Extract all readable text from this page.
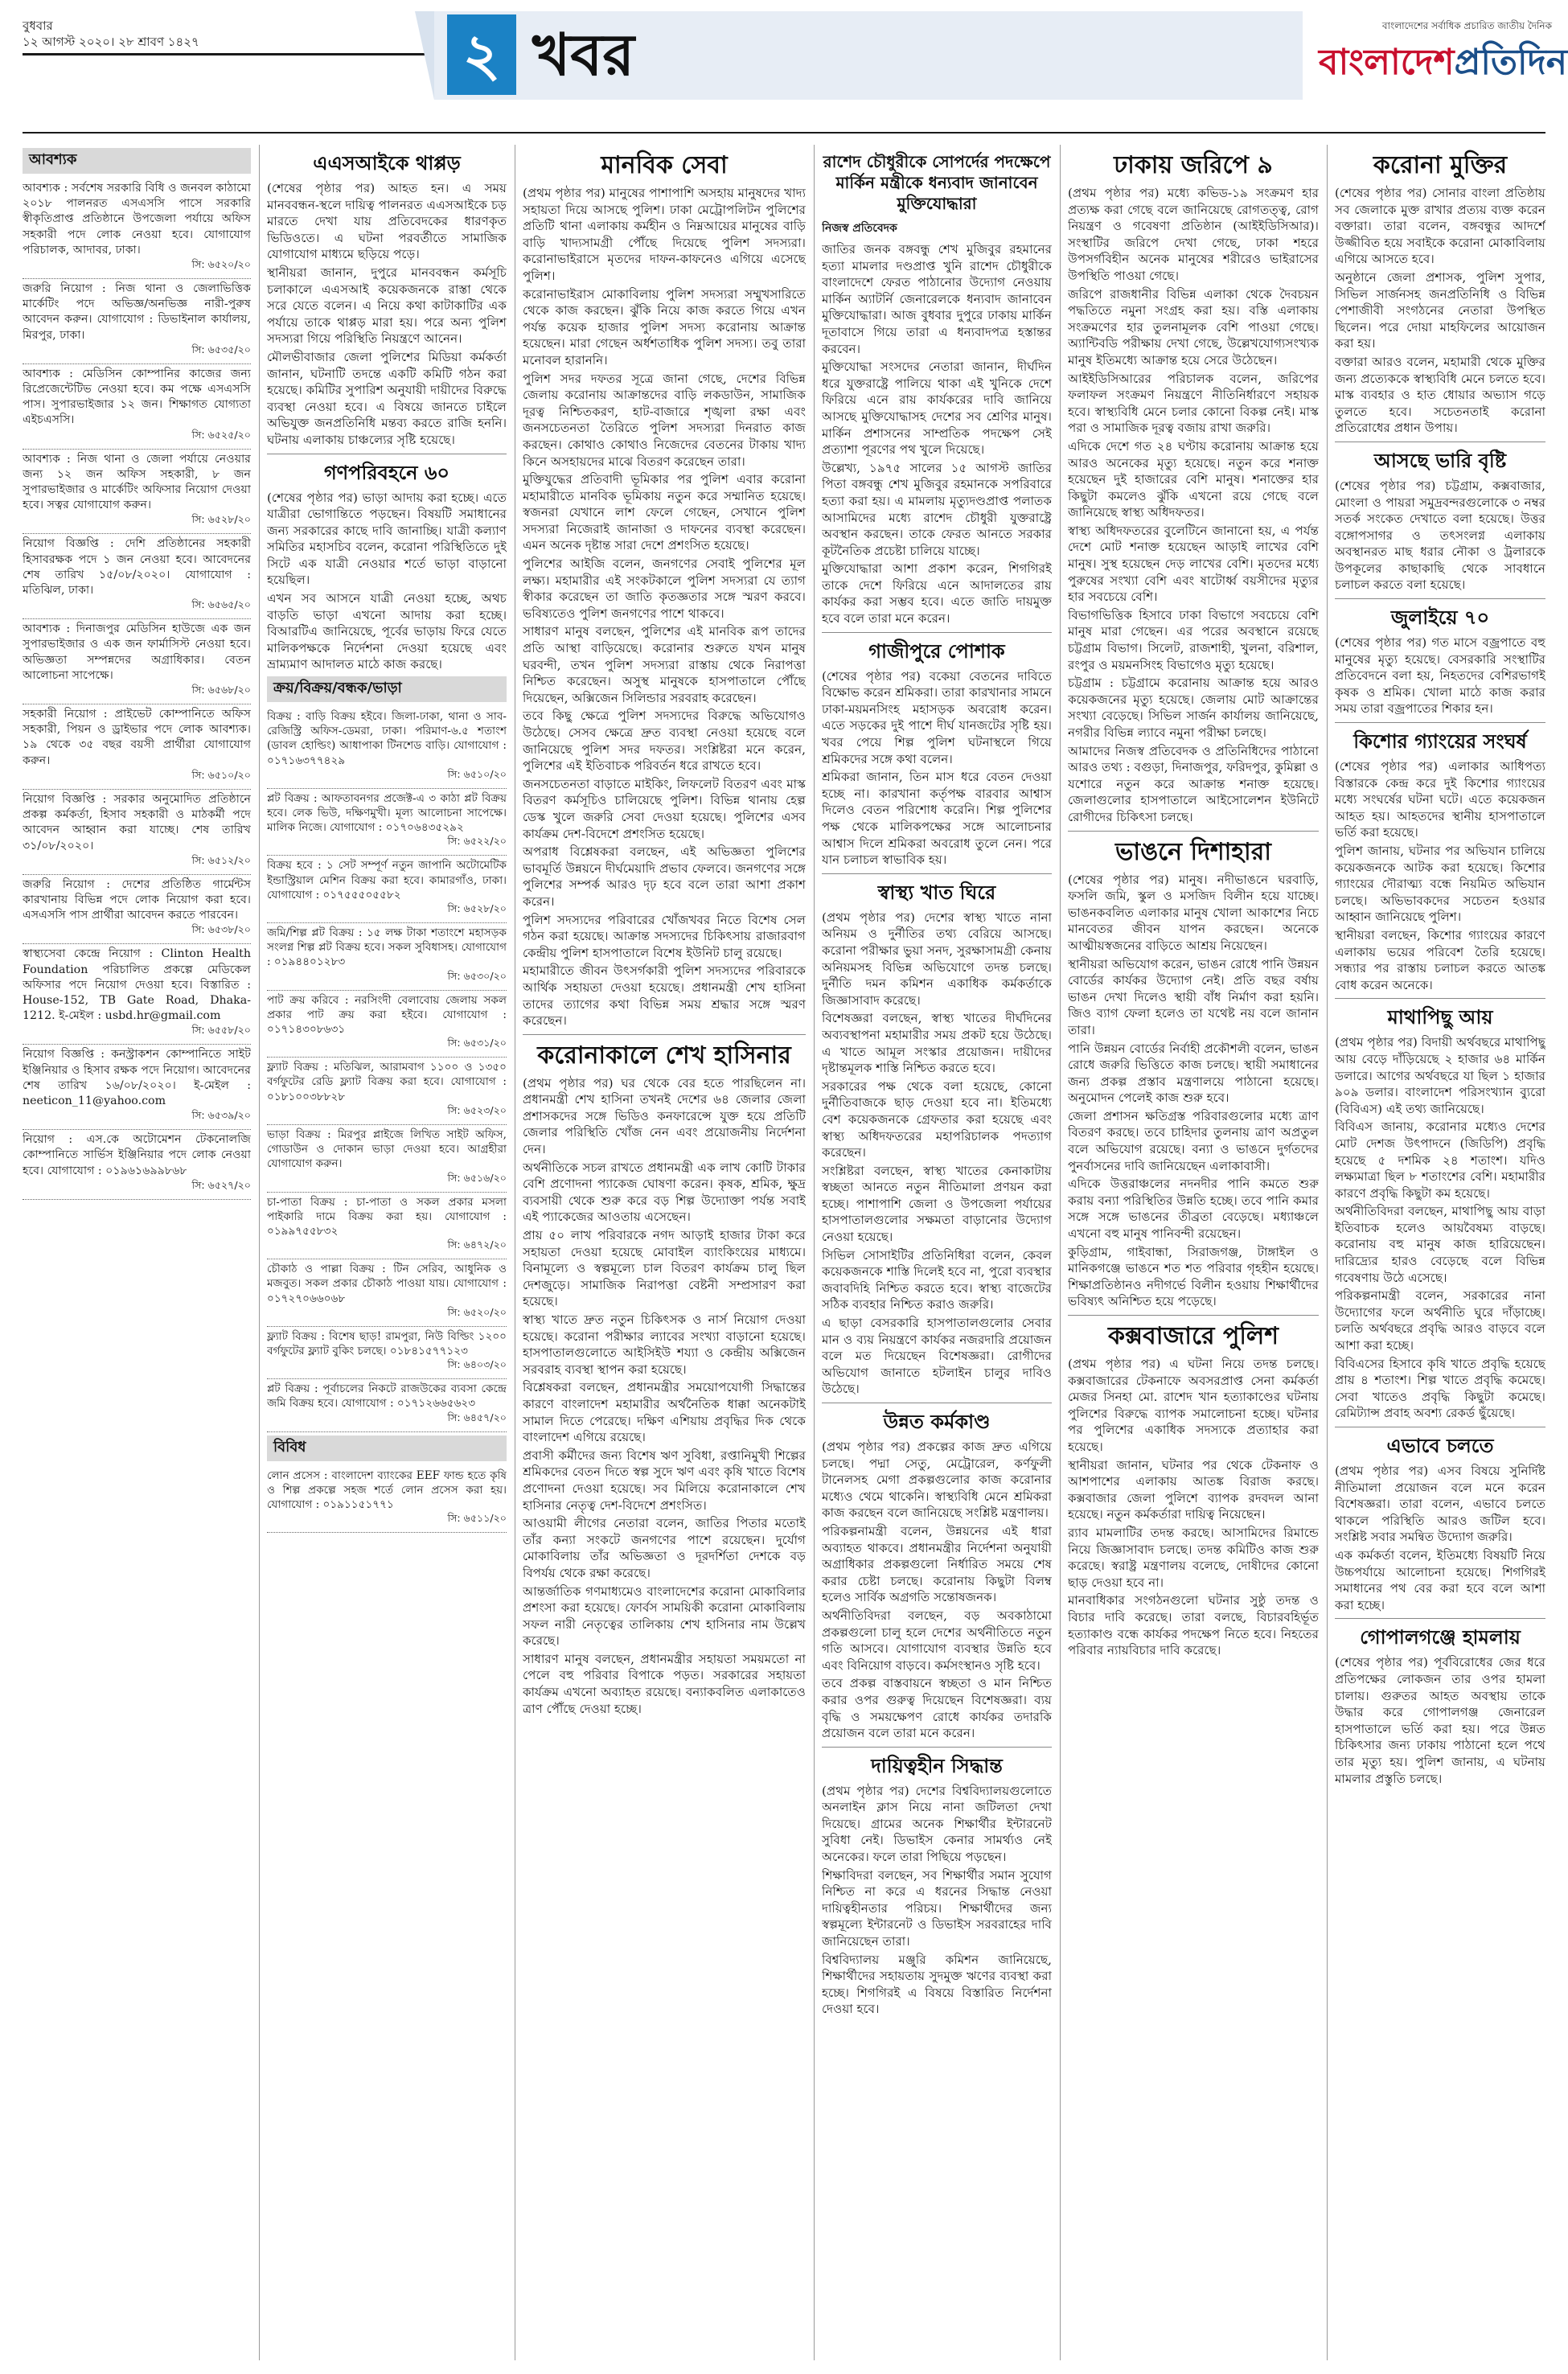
বুধবার
১২ আগস্ট ২০২০। ২৮ শ্রাবণ ১৪২৭	২ খবর	বাংলাদেশের সর্বাধিক প্রচারিত জাতীয় দৈনিক
বাংলাদেশপ্রতিদিন
আবশ্যক
আবশ্যক : সর্বশেষ সরকারি বিধি ও জনবল কাঠামো ২০১৮ পালনরত এসএসসি পাসে সরকারি স্বীকৃতিপ্রাপ্ত প্রতিষ্ঠানে উপজেলা পর্যায়ে অফিস সহকারী পদে লোক নেওয়া হবে। যোগাযোগ পরিচালক, আদাবর, ঢাকা।
সি: ৬৫২০/২০
জরুরি নিয়োগ : নিজ থানা ও জেলাভিত্তিক মার্কেটিং পদে অভিজ্ঞ/অনভিজ্ঞ নারী-পুরুষ আবেদন করুন। যোগাযোগ : ডিভাইনাল কার্যালয়, মিরপুর, ঢাকা।
সি: ৬৫৩৫/২০
আবশ্যক : মেডিসিন কোম্পানির কাজের জন্য রিপ্রেজেন্টেটিভ নেওয়া হবে। কম পক্ষে এসএসসি পাস। সুপারভাইজার ১২ জন। শিক্ষাগত যোগ্যতা এইচএসসি।
সি: ৬৫২৫/২০
আবশ্যক : নিজ থানা ও জেলা পর্যায়ে নেওয়ার জন্য ১২ জন অফিস সহকারী, ৮ জন সুপারভাইজার ও মার্কেটিং অফিসার নিয়োগ দেওয়া হবে। সত্বর যোগাযোগ করুন।
সি: ৬৫২৮/২০
নিয়োগ বিজ্ঞপ্তি : দেশি প্রতিষ্ঠানের সহকারী হিসাবরক্ষক পদে ১ জন নেওয়া হবে। আবেদনের শেষ তারিখ ১৫/০৮/২০২০। যোগাযোগ : মতিঝিল, ঢাকা।
সি: ৬৫৬৫/২০
আবশ্যক : দিনাজপুর মেডিসিন হাউজে এক জন সুপারভাইজার ও এক জন ফার্মাসিস্ট নেওয়া হবে। অভিজ্ঞতা সম্পন্নদের অগ্রাধিকার। বেতন আলোচনা সাপেক্ষে।
সি: ৬৫৬৮/২০
সহকারী নিয়োগ : প্রাইভেট কোম্পানিতে অফিস সহকারী, পিয়ন ও ড্রাইভার পদে লোক আবশ্যক। ১৯ থেকে ৩৫ বছর বয়সী প্রার্থীরা যোগাযোগ করুন।
সি: ৬৫১০/২০
নিয়োগ বিজ্ঞপ্তি : সরকার অনুমোদিত প্রতিষ্ঠানে প্রকল্প কর্মকর্তা, হিসাব সহকারী ও মাঠকর্মী পদে আবেদন আহ্বান করা যাচ্ছে। শেষ তারিখ ৩১/০৮/২০২০।
সি: ৬৫১২/২০
জরুরি নিয়োগ : দেশের প্রতিষ্ঠিত গার্মেন্টস কারখানায় বিভিন্ন পদে লোক নিয়োগ করা হবে। এসএসসি পাস প্রার্থীরা আবেদন করতে পারবেন।
সি: ৬৫৩৮/২০
স্বাস্থ্যসেবা কেন্দ্রে নিয়োগ : Clinton Health Foundation পরিচালিত প্রকল্পে মেডিকেল অফিসার পদে নিয়োগ দেওয়া হবে। বিস্তারিত : House-152, TB Gate Road, Dhaka-1212. ই-মেইল : usbd.hr@gmail.com
সি: ৬৫৫৮/২০
নিয়োগ বিজ্ঞপ্তি : কনস্ট্রাকশন কোম্পানিতে সাইট ইঞ্জিনিয়ার ও হিসাব রক্ষক পদে নিয়োগ। আবেদনের শেষ তারিখ ১৬/০৮/২০২০। ই-মেইল : neeticon_11@yahoo.com
সি: ৬৫৩৯/২০
নিয়োগ : এস.কে অটোমেশন টেকনোলজি কোম্পানিতে সার্ভিস ইঞ্জিনিয়ার পদে লোক নেওয়া হবে। যোগাযোগ : ০১৯৬১৬৯৯৮৬৮
সি: ৬৫২৭/২০
এএসআইকে থাপ্পড়

(শেষের পৃষ্ঠার পর) আহত হন। এ সময় মানববন্ধন-স্থলে দায়িত্ব পালনরত এএসআইকে চড় মারতে দেখা যায় প্রতিবেদকের ধারণকৃত ভিডিওতে। এ ঘটনা পরবর্তীতে সামাজিক যোগাযোগ মাধ্যমে ছড়িয়ে পড়ে।

স্থানীয়রা জানান, দুপুরে মানববন্ধন কর্মসূচি চলাকালে এএসআই কয়েকজনকে রাস্তা থেকে সরে যেতে বলেন। এ নিয়ে কথা কাটাকাটির এক পর্যায়ে তাকে থাপ্পড় মারা হয়। পরে অন্য পুলিশ সদস্যরা গিয়ে পরিস্থিতি নিয়ন্ত্রণে আনেন।

মৌলভীবাজার জেলা পুলিশের মিডিয়া কর্মকর্তা জানান, ঘটনাটি তদন্তে একটি কমিটি গঠন করা হয়েছে। কমিটির সুপারিশ অনুযায়ী দায়ীদের বিরুদ্ধে ব্যবস্থা নেওয়া হবে। এ বিষয়ে জানতে চাইলে অভিযুক্ত জনপ্রতিনিধি মন্তব্য করতে রাজি হননি। ঘটনায় এলাকায় চাঞ্চল্যের সৃষ্টি হয়েছে।

গণপরিবহনে ৬০

(শেষের পৃষ্ঠার পর) ভাড়া আদায় করা হচ্ছে। এতে যাত্রীরা ভোগান্তিতে পড়ছেন। বিষয়টি সমাধানের জন্য সরকারের কাছে দাবি জানাচ্ছি। যাত্রী কল্যাণ সমিতির মহাসচিব বলেন, করোনা পরিস্থিতিতে দুই সিটে এক যাত্রী নেওয়ার শর্তে ভাড়া বাড়ানো হয়েছিল।

এখন সব আসনে যাত্রী নেওয়া হচ্ছে, অথচ বাড়তি ভাড়া এখনো আদায় করা হচ্ছে। বিআরটিএ জানিয়েছে, পূর্বের ভাড়ায় ফিরে যেতে মালিকপক্ষকে নির্দেশনা দেওয়া হয়েছে এবং ভ্রাম্যমাণ আদালত মাঠে কাজ করছে।

ক্রয়/বিক্রয়/বন্ধক/ভাড়া
বিক্রয় : বাড়ি বিক্রয় হইবে। জিলা-ঢাকা, থানা ও সাব-রেজিস্ট্রি অফিস-ডেমরা, ঢাকা। পরিমাণ-৬.৫ শতাংশ (ডাবল হোল্ডিং) আধাপাকা টিনশেড বাড়ি। যোগাযোগ : ০১৭১৬৩৭৭৪২৯
সি: ৬৫১০/২০
প্লট বিক্রয় : আফতাবনগর প্রজেক্ট-এ ৩ কাঠা প্লট বিক্রয় হবে। লেক ভিউ, দক্ষিণমুখী। মূল্য আলোচনা সাপেক্ষে। মালিক নিজে। যোগাযোগ : ০১৭০৬৪৩৫২৯২
সি: ৬৫২২/২০
বিক্রয় হবে : ১ সেট সম্পূর্ণ নতুন জাপানি অটোমেটিক ইন্ডাস্ট্রিয়াল মেশিন বিক্রয় করা হবে। কামারগাঁও, ঢাকা। যোগাযোগ : ০১৭৫৫৫০৫৫৮২
সি: ৬৫২৮/২০
জমি/শিল্প প্লট বিক্রয় : ১৫ লক্ষ টাকা শতাংশে মহাসড়ক সংলগ্ন শিল্প প্লট বিক্রয় হবে। সকল সুবিধাসহ। যোগাযোগ : ০১৯৪৪০১২৮৩
সি: ৬৫৩০/২০
পাট ক্রয় করিবে : নরসিংদী বেলাবোয় জেলায় সকল প্রকার পাট ক্রয় করা হইবে। যোগাযোগ : ০১৭১৪৩০৮৬৩১
সি: ৬৫৩১/২০
ফ্ল্যাট বিক্রয় : মতিঝিল, আরামবাগ ১১০০ ও ১৩৫০ বর্গফুটের রেডি ফ্ল্যাট বিক্রয় করা হবে। যোগাযোগ : ০১৮১০০৩৮৮২৮
সি: ৬৫২৩/২০
ভাড়া বিক্রয় : মিরপুর প্লাইজে লিখিত সাইট অফিস, গোডাউন ও দোকান ভাড়া দেওয়া হবে। আগ্রহীরা যোগাযোগ করুন।
সি: ৬৫১৬/২০
চা-পাতা বিক্রয় : চা-পাতা ও সকল প্রকার মসলা পাইকারি দামে বিক্রয় করা হয়। যোগাযোগ : ০১৯৯৭৫৫৮৩২
সি: ৬৪৭২/২০
চৌকাঠ ও পাল্লা বিক্রয় : টিন সেরিব, আধুনিক ও মজবুত। সকল প্রকার চৌকাঠ পাওয়া যায়। যোগাযোগ : ০১৭২৭০৬৬০৬৮
সি: ৬৫২০/২০
ফ্ল্যাট বিক্রয় : বিশেষ ছাড়! রামপুরা, নিউ বিল্ডিং ১২০০ বর্গফুটের ফ্ল্যাট বুকিং চলছে। ০১৮৪১৫৭৭১২৩
সি: ৬৪০৩/২০
প্লট বিক্রয় : পূর্বাচলের নিকটে রাজউকের ব্যবসা কেন্দ্রে জমি বিক্রয় হবে। যোগাযোগ : ০১৭১২৬৬৫৬২৩
সি: ৬৪৫৭/২০
বিবিধ
লোন প্রসেস : বাংলাদেশ ব্যাংকের EEF ফান্ড হতে কৃষি ও শিল্প প্রকল্পে সহজ শর্তে লোন প্রসেস করা হয়। যোগাযোগ : ০১৯১১৫১৭৭১
সি: ৬৫১১/২০
মানবিক সেবা

(প্রথম পৃষ্ঠার পর) মানুষের পাশাপাশি অসহায় মানুষদের খাদ্য সহায়তা দিয়ে আসছে পুলিশ। ঢাকা মেট্রোপলিটন পুলিশের প্রতিটি থানা এলাকায় কর্মহীন ও নিম্নআয়ের মানুষের বাড়ি বাড়ি খাদ্যসামগ্রী পৌঁছে দিয়েছে পুলিশ সদস্যরা। করোনাভাইরাসে মৃতদের দাফন-কাফনেও এগিয়ে এসেছে পুলিশ।

করোনাভাইরাস মোকাবিলায় পুলিশ সদস্যরা সম্মুখসারিতে থেকে কাজ করছেন। ঝুঁকি নিয়ে কাজ করতে গিয়ে এখন পর্যন্ত কয়েক হাজার পুলিশ সদস্য করোনায় আক্রান্ত হয়েছেন। মারা গেছেন অর্ধশতাধিক পুলিশ সদস্য। তবু তারা মনোবল হারাননি।

পুলিশ সদর দফতর সূত্রে জানা গেছে, দেশের বিভিন্ন জেলায় করোনায় আক্রান্তদের বাড়ি লকডাউন, সামাজিক দূরত্ব নিশ্চিতকরণ, হাট-বাজারে শৃঙ্খলা রক্ষা এবং জনসচেতনতা তৈরিতে পুলিশ সদস্যরা দিনরাত কাজ করছেন। কোথাও কোথাও নিজেদের বেতনের টাকায় খাদ্য কিনে অসহায়দের মাঝে বিতরণ করেছেন তারা।

মুক্তিযুদ্ধের প্রতিবাদী ভূমিকার পর পুলিশ এবার করোনা মহামারীতে মানবিক ভূমিকায় নতুন করে সম্মানিত হয়েছে। স্বজনরা যেখানে লাশ ফেলে গেছেন, সেখানে পুলিশ সদস্যরা নিজেরাই জানাজা ও দাফনের ব্যবস্থা করেছেন। এমন অনেক দৃষ্টান্ত সারা দেশে প্রশংসিত হয়েছে।

পুলিশের আইজি বলেন, জনগণের সেবাই পুলিশের মূল লক্ষ্য। মহামারীর এই সংকটকালে পুলিশ সদস্যরা যে ত্যাগ স্বীকার করেছেন তা জাতি কৃতজ্ঞতার সঙ্গে স্মরণ করবে। ভবিষ্যতেও পুলিশ জনগণের পাশে থাকবে।

সাধারণ মানুষ বলছেন, পুলিশের এই মানবিক রূপ তাদের প্রতি আস্থা বাড়িয়েছে। করোনার শুরুতে যখন মানুষ ঘরবন্দী, তখন পুলিশ সদস্যরা রাস্তায় থেকে নিরাপত্তা নিশ্চিত করেছেন। অসুস্থ মানুষকে হাসপাতালে পৌঁছে দিয়েছেন, অক্সিজেন সিলিন্ডার সরবরাহ করেছেন।

তবে কিছু ক্ষেত্রে পুলিশ সদস্যদের বিরুদ্ধে অভিযোগও উঠেছে। সেসব ক্ষেত্রে দ্রুত ব্যবস্থা নেওয়া হয়েছে বলে জানিয়েছে পুলিশ সদর দফতর। সংশ্লিষ্টরা মনে করেন, পুলিশের এই ইতিবাচক পরিবর্তন ধরে রাখতে হবে।

জনসচেতনতা বাড়াতে মাইকিং, লিফলেট বিতরণ এবং মাস্ক বিতরণ কর্মসূচিও চালিয়েছে পুলিশ। বিভিন্ন থানায় হেল্প ডেস্ক খুলে জরুরি সেবা দেওয়া হয়েছে। পুলিশের এসব কার্যক্রম দেশ-বিদেশে প্রশংসিত হয়েছে।

অপরাধ বিশ্লেষকরা বলছেন, এই অভিজ্ঞতা পুলিশের ভাবমূর্তি উন্নয়নে দীর্ঘমেয়াদি প্রভাব ফেলবে। জনগণের সঙ্গে পুলিশের সম্পর্ক আরও দৃঢ় হবে বলে তারা আশা প্রকাশ করেন।

পুলিশ সদস্যদের পরিবারের খোঁজখবর নিতে বিশেষ সেল গঠন করা হয়েছে। আক্রান্ত সদস্যদের চিকিৎসায় রাজারবাগ কেন্দ্রীয় পুলিশ হাসপাতালে বিশেষ ইউনিট চালু রয়েছে।

মহামারীতে জীবন উৎসর্গকারী পুলিশ সদস্যদের পরিবারকে আর্থিক সহায়তা দেওয়া হয়েছে। প্রধানমন্ত্রী শেখ হাসিনা তাদের ত্যাগের কথা বিভিন্ন সময় শ্রদ্ধার সঙ্গে স্মরণ করেছেন।

করোনাকালে শেখ হাসিনার

(প্রথম পৃষ্ঠার পর) ঘর থেকে বের হতে পারছিলেন না। প্রধানমন্ত্রী শেখ হাসিনা তখনই দেশের ৬৪ জেলার জেলা প্রশাসকদের সঙ্গে ভিডিও কনফারেন্সে যুক্ত হয়ে প্রতিটি জেলার পরিস্থিতি খোঁজ নেন এবং প্রয়োজনীয় নির্দেশনা দেন।

অর্থনীতিকে সচল রাখতে প্রধানমন্ত্রী এক লাখ কোটি টাকার বেশি প্রণোদনা প্যাকেজ ঘোষণা করেন। কৃষক, শ্রমিক, ক্ষুদ্র ব্যবসায়ী থেকে শুরু করে বড় শিল্প উদ্যোক্তা পর্যন্ত সবাই এই প্যাকেজের আওতায় এসেছেন।

প্রায় ৫০ লাখ পরিবারকে নগদ আড়াই হাজার টাকা করে সহায়তা দেওয়া হয়েছে মোবাইল ব্যাংকিংয়ের মাধ্যমে। বিনামূল্যে ও স্বল্পমূল্যে চাল বিতরণ কার্যক্রম চালু ছিল দেশজুড়ে। সামাজিক নিরাপত্তা বেষ্টনী সম্প্রসারণ করা হয়েছে।

স্বাস্থ্য খাতে দ্রুত নতুন চিকিৎসক ও নার্স নিয়োগ দেওয়া হয়েছে। করোনা পরীক্ষার ল্যাবের সংখ্যা বাড়ানো হয়েছে। হাসপাতালগুলোতে আইসিইউ শয্যা ও কেন্দ্রীয় অক্সিজেন সরবরাহ ব্যবস্থা স্থাপন করা হয়েছে।

বিশ্লেষকরা বলছেন, প্রধানমন্ত্রীর সময়োপযোগী সিদ্ধান্তের কারণে বাংলাদেশ মহামারীর অর্থনৈতিক ধাক্কা অনেকটাই সামাল দিতে পেরেছে। দক্ষিণ এশিয়ায় প্রবৃদ্ধির দিক থেকে বাংলাদেশ এগিয়ে রয়েছে।

প্রবাসী কর্মীদের জন্য বিশেষ ঋণ সুবিধা, রপ্তানিমুখী শিল্পের শ্রমিকদের বেতন দিতে স্বল্প সুদে ঋণ এবং কৃষি খাতে বিশেষ প্রণোদনা দেওয়া হয়েছে। সব মিলিয়ে করোনাকালে শেখ হাসিনার নেতৃত্ব দেশ-বিদেশে প্রশংসিত।

আওয়ামী লীগের নেতারা বলেন, জাতির পিতার মতোই তাঁর কন্যা সংকটে জনগণের পাশে রয়েছেন। দুর্যোগ মোকাবিলায় তাঁর অভিজ্ঞতা ও দূরদর্শিতা দেশকে বড় বিপর্যয় থেকে রক্ষা করেছে।

আন্তর্জাতিক গণমাধ্যমেও বাংলাদেশের করোনা মোকাবিলার প্রশংসা করা হয়েছে। ফোর্বস সাময়িকী করোনা মোকাবিলায় সফল নারী নেতৃত্বের তালিকায় শেখ হাসিনার নাম উল্লেখ করেছে।

সাধারণ মানুষ বলছেন, প্রধানমন্ত্রীর সহায়তা সময়মতো না পেলে বহু পরিবার বিপাকে পড়ত। সরকারের সহায়তা কার্যক্রম এখনো অব্যাহত রয়েছে। বন্যাকবলিত এলাকাতেও ত্রাণ পৌঁছে দেওয়া হচ্ছে।

রাশেদ চৌধুরীকে সোপর্দের পদক্ষেপে মার্কিন মন্ত্রীকে ধন্যবাদ জানাবেন মুক্তিযোদ্ধারা
নিজস্ব প্রতিবেদক

জাতির জনক বঙ্গবন্ধু শেখ মুজিবুর রহমানের হত্যা মামলার দণ্ডপ্রাপ্ত খুনি রাশেদ চৌধুরীকে বাংলাদেশে ফেরত পাঠানোর উদ্যোগ নেওয়ায় মার্কিন অ্যাটর্নি জেনারেলকে ধন্যবাদ জানাবেন মুক্তিযোদ্ধারা। আজ বুধবার দুপুরে ঢাকায় মার্কিন দূতাবাসে গিয়ে তারা এ ধন্যবাদপত্র হস্তান্তর করবেন।

মুক্তিযোদ্ধা সংসদের নেতারা জানান, দীর্ঘদিন ধরে যুক্তরাষ্ট্রে পালিয়ে থাকা এই খুনিকে দেশে ফিরিয়ে এনে রায় কার্যকরের দাবি জানিয়ে আসছে মুক্তিযোদ্ধাসহ দেশের সব শ্রেণির মানুষ। মার্কিন প্রশাসনের সাম্প্রতিক পদক্ষেপ সেই প্রত্যাশা পূরণের পথ খুলে দিয়েছে।

উল্লেখ্য, ১৯৭৫ সালের ১৫ আগস্ট জাতির পিতা বঙ্গবন্ধু শেখ মুজিবুর রহমানকে সপরিবারে হত্যা করা হয়। এ মামলায় মৃত্যুদণ্ডপ্রাপ্ত পলাতক আসামিদের মধ্যে রাশেদ চৌধুরী যুক্তরাষ্ট্রে অবস্থান করছেন। তাকে ফেরত আনতে সরকার কূটনৈতিক প্রচেষ্টা চালিয়ে যাচ্ছে।

মুক্তিযোদ্ধারা আশা প্রকাশ করেন, শিগগিরই তাকে দেশে ফিরিয়ে এনে আদালতের রায় কার্যকর করা সম্ভব হবে। এতে জাতি দায়মুক্ত হবে বলে তারা মনে করেন।

গাজীপুরে পোশাক

(শেষের পৃষ্ঠার পর) বকেয়া বেতনের দাবিতে বিক্ষোভ করেন শ্রমিকরা। তারা কারখানার সামনে ঢাকা-ময়মনসিংহ মহাসড়ক অবরোধ করেন। এতে সড়কের দুই পাশে দীর্ঘ যানজটের সৃষ্টি হয়। খবর পেয়ে শিল্প পুলিশ ঘটনাস্থলে গিয়ে শ্রমিকদের সঙ্গে কথা বলেন।

শ্রমিকরা জানান, তিন মাস ধরে বেতন দেওয়া হচ্ছে না। কারখানা কর্তৃপক্ষ বারবার আশ্বাস দিলেও বেতন পরিশোধ করেনি। শিল্প পুলিশের পক্ষ থেকে মালিকপক্ষের সঙ্গে আলোচনার আশ্বাস দিলে শ্রমিকরা অবরোধ তুলে নেন। পরে যান চলাচল স্বাভাবিক হয়।

স্বাস্থ্য খাত ঘিরে

(প্রথম পৃষ্ঠার পর) দেশের স্বাস্থ্য খাতে নানা অনিয়ম ও দুর্নীতির তথ্য বেরিয়ে আসছে। করোনা পরীক্ষার ভুয়া সনদ, সুরক্ষাসামগ্রী কেনায় অনিয়মসহ বিভিন্ন অভিযোগে তদন্ত চলছে। দুর্নীতি দমন কমিশন একাধিক কর্মকর্তাকে জিজ্ঞাসাবাদ করেছে।

বিশেষজ্ঞরা বলছেন, স্বাস্থ্য খাতের দীর্ঘদিনের অব্যবস্থাপনা মহামারীর সময় প্রকট হয়ে উঠেছে। এ খাতে আমূল সংস্কার প্রয়োজন। দায়ীদের দৃষ্টান্তমূলক শাস্তি নিশ্চিত করতে হবে।

সরকারের পক্ষ থেকে বলা হয়েছে, কোনো দুর্নীতিবাজকে ছাড় দেওয়া হবে না। ইতিমধ্যে বেশ কয়েকজনকে গ্রেফতার করা হয়েছে এবং স্বাস্থ্য অধিদফতরের মহাপরিচালক পদত্যাগ করেছেন।

সংশ্লিষ্টরা বলছেন, স্বাস্থ্য খাতের কেনাকাটায় স্বচ্ছতা আনতে নতুন নীতিমালা প্রণয়ন করা হচ্ছে। পাশাপাশি জেলা ও উপজেলা পর্যায়ের হাসপাতালগুলোর সক্ষমতা বাড়ানোর উদ্যোগ নেওয়া হয়েছে।

সিভিল সোসাইটির প্রতিনিধিরা বলেন, কেবল কয়েকজনকে শাস্তি দিলেই হবে না, পুরো ব্যবস্থার জবাবদিহি নিশ্চিত করতে হবে। স্বাস্থ্য বাজেটের সঠিক ব্যবহার নিশ্চিত করাও জরুরি।

এ ছাড়া বেসরকারি হাসপাতালগুলোর সেবার মান ও ব্যয় নিয়ন্ত্রণে কার্যকর নজরদারি প্রয়োজন বলে মত দিয়েছেন বিশেষজ্ঞরা। রোগীদের অভিযোগ জানাতে হটলাইন চালুর দাবিও উঠেছে।

উন্নত কর্মকাণ্ড

(প্রথম পৃষ্ঠার পর) প্রকল্পের কাজ দ্রুত এগিয়ে চলছে। পদ্মা সেতু, মেট্রোরেল, কর্ণফুলী টানেলসহ মেগা প্রকল্পগুলোর কাজ করোনার মধ্যেও থেমে থাকেনি। স্বাস্থ্যবিধি মেনে শ্রমিকরা কাজ করছেন বলে জানিয়েছে সংশ্লিষ্ট মন্ত্রণালয়।

পরিকল্পনামন্ত্রী বলেন, উন্নয়নের এই ধারা অব্যাহত থাকবে। প্রধানমন্ত্রীর নির্দেশনা অনুযায়ী অগ্রাধিকার প্রকল্পগুলো নির্ধারিত সময়ে শেষ করার চেষ্টা চলছে। করোনায় কিছুটা বিলম্ব হলেও সার্বিক অগ্রগতি সন্তোষজনক।

অর্থনীতিবিদরা বলছেন, বড় অবকাঠামো প্রকল্পগুলো চালু হলে দেশের অর্থনীতিতে নতুন গতি আসবে। যোগাযোগ ব্যবস্থার উন্নতি হবে এবং বিনিয়োগ বাড়বে। কর্মসংস্থানও সৃষ্টি হবে।

তবে প্রকল্প বাস্তবায়নে স্বচ্ছতা ও মান নিশ্চিত করার ওপর গুরুত্ব দিয়েছেন বিশেষজ্ঞরা। ব্যয় বৃদ্ধি ও সময়ক্ষেপণ রোধে কার্যকর তদারকি প্রয়োজন বলে তারা মনে করেন।

দায়িত্বহীন সিদ্ধান্ত

(প্রথম পৃষ্ঠার পর) দেশের বিশ্ববিদ্যালয়গুলোতে অনলাইন ক্লাস নিয়ে নানা জটিলতা দেখা দিয়েছে। গ্রামের অনেক শিক্ষার্থীর ইন্টারনেট সুবিধা নেই। ডিভাইস কেনার সামর্থ্যও নেই অনেকের। ফলে তারা পিছিয়ে পড়ছেন।

শিক্ষাবিদরা বলছেন, সব শিক্ষার্থীর সমান সুযোগ নিশ্চিত না করে এ ধরনের সিদ্ধান্ত নেওয়া দায়িত্বহীনতার পরিচয়। শিক্ষার্থীদের জন্য স্বল্পমূল্যে ইন্টারনেট ও ডিভাইস সরবরাহের দাবি জানিয়েছেন তারা।

বিশ্ববিদ্যালয় মঞ্জুরি কমিশন জানিয়েছে, শিক্ষার্থীদের সহায়তায় সুদমুক্ত ঋণের ব্যবস্থা করা হচ্ছে। শিগগিরই এ বিষয়ে বিস্তারিত নির্দেশনা দেওয়া হবে।

ঢাকায় জরিপে ৯

(প্রথম পৃষ্ঠার পর) মধ্যে কভিড-১৯ সংক্রমণ হার প্রত্যক্ষ করা গেছে বলে জানিয়েছে রোগতত্ত্ব, রোগ নিয়ন্ত্রণ ও গবেষণা প্রতিষ্ঠান (আইইডিসিআর)। সংস্থাটির জরিপে দেখা গেছে, ঢাকা শহরে উপসর্গবিহীন অনেক মানুষের শরীরেও ভাইরাসের উপস্থিতি পাওয়া গেছে।

জরিপে রাজধানীর বিভিন্ন এলাকা থেকে দৈবচয়ন পদ্ধতিতে নমুনা সংগ্রহ করা হয়। বস্তি এলাকায় সংক্রমণের হার তুলনামূলক বেশি পাওয়া গেছে। অ্যান্টিবডি পরীক্ষায় দেখা গেছে, উল্লেখযোগ্যসংখ্যক মানুষ ইতিমধ্যে আক্রান্ত হয়ে সেরে উঠেছেন।

আইইডিসিআরের পরিচালক বলেন, জরিপের ফলাফল সংক্রমণ নিয়ন্ত্রণে নীতিনির্ধারণে সহায়ক হবে। স্বাস্থ্যবিধি মেনে চলার কোনো বিকল্প নেই। মাস্ক পরা ও সামাজিক দূরত্ব বজায় রাখা জরুরি।

এদিকে দেশে গত ২৪ ঘণ্টায় করোনায় আক্রান্ত হয়ে আরও অনেকের মৃত্যু হয়েছে। নতুন করে শনাক্ত হয়েছেন দুই হাজারের বেশি মানুষ। শনাক্তের হার কিছুটা কমলেও ঝুঁকি এখনো রয়ে গেছে বলে জানিয়েছে স্বাস্থ্য অধিদফতর।

স্বাস্থ্য অধিদফতরের বুলেটিনে জানানো হয়, এ পর্যন্ত দেশে মোট শনাক্ত হয়েছেন আড়াই লাখের বেশি মানুষ। সুস্থ হয়েছেন দেড় লাখের বেশি। মৃতদের মধ্যে পুরুষের সংখ্যা বেশি এবং ষাটোর্ধ্ব বয়সীদের মৃত্যুর হার সবচেয়ে বেশি।

বিভাগভিত্তিক হিসাবে ঢাকা বিভাগে সবচেয়ে বেশি মানুষ মারা গেছেন। এর পরের অবস্থানে রয়েছে চট্টগ্রাম বিভাগ। সিলেট, রাজশাহী, খুলনা, বরিশাল, রংপুর ও ময়মনসিংহ বিভাগেও মৃত্যু হয়েছে।

চট্টগ্রাম : চট্টগ্রামে করোনায় আক্রান্ত হয়ে আরও কয়েকজনের মৃত্যু হয়েছে। জেলায় মোট আক্রান্তের সংখ্যা বেড়েছে। সিভিল সার্জন কার্যালয় জানিয়েছে, নগরীর বিভিন্ন ল্যাবে নমুনা পরীক্ষা চলছে।

আমাদের নিজস্ব প্রতিবেদক ও প্রতিনিধিদের পাঠানো আরও তথ্য : বগুড়া, দিনাজপুর, ফরিদপুর, কুমিল্লা ও যশোরে নতুন করে আক্রান্ত শনাক্ত হয়েছে। জেলাগুলোর হাসপাতালে আইসোলেশন ইউনিটে রোগীদের চিকিৎসা চলছে।

ভাঙনে দিশাহারা

(শেষের পৃষ্ঠার পর) মানুষ। নদীভাঙনে ঘরবাড়ি, ফসলি জমি, স্কুল ও মসজিদ বিলীন হয়ে যাচ্ছে। ভাঙনকবলিত এলাকার মানুষ খোলা আকাশের নিচে মানবেতর জীবন যাপন করছেন। অনেকে আত্মীয়স্বজনের বাড়িতে আশ্রয় নিয়েছেন।

স্থানীয়রা অভিযোগ করেন, ভাঙন রোধে পানি উন্নয়ন বোর্ডের কার্যকর উদ্যোগ নেই। প্রতি বছর বর্ষায় ভাঙন দেখা দিলেও স্থায়ী বাঁধ নির্মাণ করা হয়নি। জিও ব্যাগ ফেলা হলেও তা যথেষ্ট নয় বলে জানান তারা।

পানি উন্নয়ন বোর্ডের নির্বাহী প্রকৌশলী বলেন, ভাঙন রোধে জরুরি ভিত্তিতে কাজ চলছে। স্থায়ী সমাধানের জন্য প্রকল্প প্রস্তাব মন্ত্রণালয়ে পাঠানো হয়েছে। অনুমোদন পেলেই কাজ শুরু হবে।

জেলা প্রশাসন ক্ষতিগ্রস্ত পরিবারগুলোর মধ্যে ত্রাণ বিতরণ করছে। তবে চাহিদার তুলনায় ত্রাণ অপ্রতুল বলে অভিযোগ রয়েছে। বন্যা ও ভাঙনে দুর্গতদের পুনর্বাসনের দাবি জানিয়েছেন এলাকাবাসী।

এদিকে উত্তরাঞ্চলের নদনদীর পানি কমতে শুরু করায় বন্যা পরিস্থিতির উন্নতি হচ্ছে। তবে পানি কমার সঙ্গে সঙ্গে ভাঙনের তীব্রতা বেড়েছে। মধ্যাঞ্চলে এখনো বহু মানুষ পানিবন্দী রয়েছেন।

কুড়িগ্রাম, গাইবান্ধা, সিরাজগঞ্জ, টাঙ্গাইল ও মানিকগঞ্জে ভাঙনে শত শত পরিবার গৃহহীন হয়েছে। শিক্ষাপ্রতিষ্ঠানও নদীগর্ভে বিলীন হওয়ায় শিক্ষার্থীদের ভবিষ্যৎ অনিশ্চিত হয়ে পড়েছে।

কক্সবাজারে পুলিশ

(প্রথম পৃষ্ঠার পর) এ ঘটনা নিয়ে তদন্ত চলছে। কক্সবাজারের টেকনাফে অবসরপ্রাপ্ত সেনা কর্মকর্তা মেজর সিনহা মো. রাশেদ খান হত্যাকাণ্ডের ঘটনায় পুলিশের বিরুদ্ধে ব্যাপক সমালোচনা হচ্ছে। ঘটনার পর পুলিশের একাধিক সদস্যকে প্রত্যাহার করা হয়েছে।

স্থানীয়রা জানান, ঘটনার পর থেকে টেকনাফ ও আশপাশের এলাকায় আতঙ্ক বিরাজ করছে। কক্সবাজার জেলা পুলিশে ব্যাপক রদবদল আনা হয়েছে। নতুন কর্মকর্তারা দায়িত্ব নিয়েছেন।

র‌্যাব মামলাটির তদন্ত করছে। আসামিদের রিমান্ডে নিয়ে জিজ্ঞাসাবাদ চলছে। তদন্ত কমিটিও কাজ শুরু করেছে। স্বরাষ্ট্র মন্ত্রণালয় বলেছে, দোষীদের কোনো ছাড় দেওয়া হবে না।

মানবাধিকার সংগঠনগুলো ঘটনার সুষ্ঠু তদন্ত ও বিচার দাবি করেছে। তারা বলছে, বিচারবহির্ভূত হত্যাকাণ্ড বন্ধে কার্যকর পদক্ষেপ নিতে হবে। নিহতের পরিবার ন্যায়বিচার দাবি করেছে।

করোনা মুক্তির

(শেষের পৃষ্ঠার পর) সোনার বাংলা প্রতিষ্ঠায় সব জেলাকে মুক্ত রাখার প্রত্যয় ব্যক্ত করেন বক্তারা। তারা বলেন, বঙ্গবন্ধুর আদর্শে উজ্জীবিত হয়ে সবাইকে করোনা মোকাবিলায় এগিয়ে আসতে হবে।

অনুষ্ঠানে জেলা প্রশাসক, পুলিশ সুপার, সিভিল সার্জনসহ জনপ্রতিনিধি ও বিভিন্ন পেশাজীবী সংগঠনের নেতারা উপস্থিত ছিলেন। পরে দোয়া মাহফিলের আয়োজন করা হয়।

বক্তারা আরও বলেন, মহামারী থেকে মুক্তির জন্য প্রত্যেককে স্বাস্থ্যবিধি মেনে চলতে হবে। মাস্ক ব্যবহার ও হাত ধোয়ার অভ্যাস গড়ে তুলতে হবে। সচেতনতাই করোনা প্রতিরোধের প্রধান উপায়।

আসছে ভারি বৃষ্টি

(শেষের পৃষ্ঠার পর) চট্টগ্রাম, কক্সবাজার, মোংলা ও পায়রা সমুদ্রবন্দরগুলোকে ৩ নম্বর সতর্ক সংকেত দেখাতে বলা হয়েছে। উত্তর বঙ্গোপসাগর ও তৎসংলগ্ন এলাকায় অবস্থানরত মাছ ধরার নৌকা ও ট্রলারকে উপকূলের কাছাকাছি থেকে সাবধানে চলাচল করতে বলা হয়েছে।

জুলাইয়ে ৭০

(শেষের পৃষ্ঠার পর) গত মাসে বজ্রপাতে বহু মানুষের মৃত্যু হয়েছে। বেসরকারি সংস্থাটির প্রতিবেদনে বলা হয়, নিহতদের বেশিরভাগই কৃষক ও শ্রমিক। খোলা মাঠে কাজ করার সময় তারা বজ্রপাতের শিকার হন।

কিশোর গ্যাংয়ের সংঘর্ষ

(শেষের পৃষ্ঠার পর) এলাকার আধিপত্য বিস্তারকে কেন্দ্র করে দুই কিশোর গ্যাংয়ের মধ্যে সংঘর্ষের ঘটনা ঘটে। এতে কয়েকজন আহত হয়। আহতদের স্থানীয় হাসপাতালে ভর্তি করা হয়েছে।

পুলিশ জানায়, ঘটনার পর অভিযান চালিয়ে কয়েকজনকে আটক করা হয়েছে। কিশোর গ্যাংয়ের দৌরাত্ম্য বন্ধে নিয়মিত অভিযান চলছে। অভিভাবকদের সচেতন হওয়ার আহ্বান জানিয়েছে পুলিশ।

স্থানীয়রা বলছেন, কিশোর গ্যাংয়ের কারণে এলাকায় ভয়ের পরিবেশ তৈরি হয়েছে। সন্ধ্যার পর রাস্তায় চলাচল করতে আতঙ্ক বোধ করেন অনেকে।

মাথাপিছু আয়

(প্রথম পৃষ্ঠার পর) বিদায়ী অর্থবছরে মাথাপিছু আয় বেড়ে দাঁড়িয়েছে ২ হাজার ৬৪ মার্কিন ডলারে। আগের অর্থবছরে যা ছিল ১ হাজার ৯০৯ ডলার। বাংলাদেশ পরিসংখ্যান ব্যুরো (বিবিএস) এই তথ্য জানিয়েছে।

বিবিএস জানায়, করোনার মধ্যেও দেশের মোট দেশজ উৎপাদনে (জিডিপি) প্রবৃদ্ধি হয়েছে ৫ দশমিক ২৪ শতাংশ। যদিও লক্ষ্যমাত্রা ছিল ৮ শতাংশের বেশি। মহামারীর কারণে প্রবৃদ্ধি কিছুটা কম হয়েছে।

অর্থনীতিবিদরা বলছেন, মাথাপিছু আয় বাড়া ইতিবাচক হলেও আয়বৈষম্য বাড়ছে। করোনায় বহু মানুষ কাজ হারিয়েছেন। দারিদ্র্যের হারও বেড়েছে বলে বিভিন্ন গবেষণায় উঠে এসেছে।

পরিকল্পনামন্ত্রী বলেন, সরকারের নানা উদ্যোগের ফলে অর্থনীতি ঘুরে দাঁড়াচ্ছে। চলতি অর্থবছরে প্রবৃদ্ধি আরও বাড়বে বলে আশা করা হচ্ছে।

বিবিএসের হিসাবে কৃষি খাতে প্রবৃদ্ধি হয়েছে প্রায় ৪ শতাংশ। শিল্প খাতে প্রবৃদ্ধি কমেছে। সেবা খাতেও প্রবৃদ্ধি কিছুটা কমেছে। রেমিট্যান্স প্রবাহ অবশ্য রেকর্ড ছুঁয়েছে।

এভাবে চলতে

(প্রথম পৃষ্ঠার পর) এসব বিষয়ে সুনির্দিষ্ট নীতিমালা প্রয়োজন বলে মনে করেন বিশেষজ্ঞরা। তারা বলেন, এভাবে চলতে থাকলে পরিস্থিতি আরও জটিল হবে। সংশ্লিষ্ট সবার সমন্বিত উদ্যোগ জরুরি।

এক কর্মকর্তা বলেন, ইতিমধ্যে বিষয়টি নিয়ে উচ্চপর্যায়ে আলোচনা হয়েছে। শিগগিরই সমাধানের পথ বের করা হবে বলে আশা করা হচ্ছে।

গোপালগঞ্জে হামলায়

(শেষের পৃষ্ঠার পর) পূর্ববিরোধের জের ধরে প্রতিপক্ষের লোকজন তার ওপর হামলা চালায়। গুরুতর আহত অবস্থায় তাকে উদ্ধার করে গোপালগঞ্জ জেনারেল হাসপাতালে ভর্তি করা হয়। পরে উন্নত চিকিৎসার জন্য ঢাকায় পাঠানো হলে পথে তার মৃত্যু হয়। পুলিশ জানায়, এ ঘটনায় মামলার প্রস্তুতি চলছে।
